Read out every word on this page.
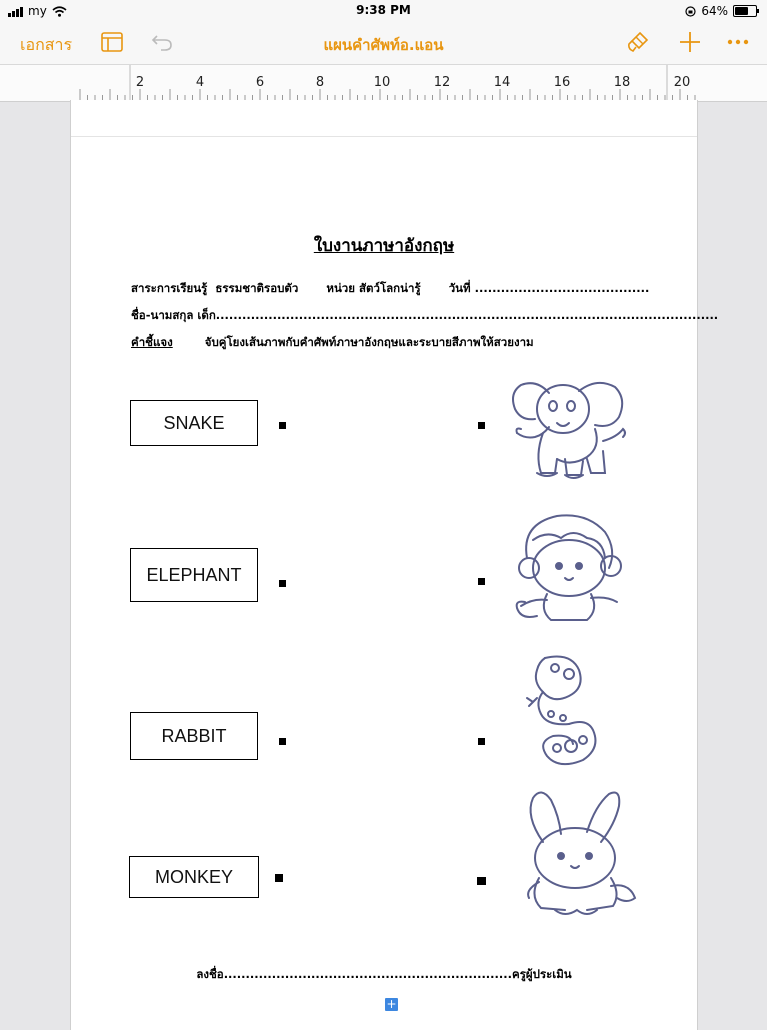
my	9:38 PM	64%
เอกสาร	แผนคำศัพท์อ.แอน
2	4	6	8	10	12	14	16	18	20
ใบงานภาษาอังกฤษ
สาระการเรียนรู้ ธรรมชาติรอบตัว หน่วย สัตว์โลกน่ารู้ วันที่ ........................................
ชื่อ-นามสกุล เด็ก...................................................................................................................
คำชี้แจง	จับคู่โยงเส้นภาพกับคำศัพท์ภาษาอังกฤษและระบายสีภาพให้สวยงาม
SNAKE
ELEPHANT
RABBIT
MONKEY
ลงชื่อ..................................................................ครูผู้ประเมิน
+
